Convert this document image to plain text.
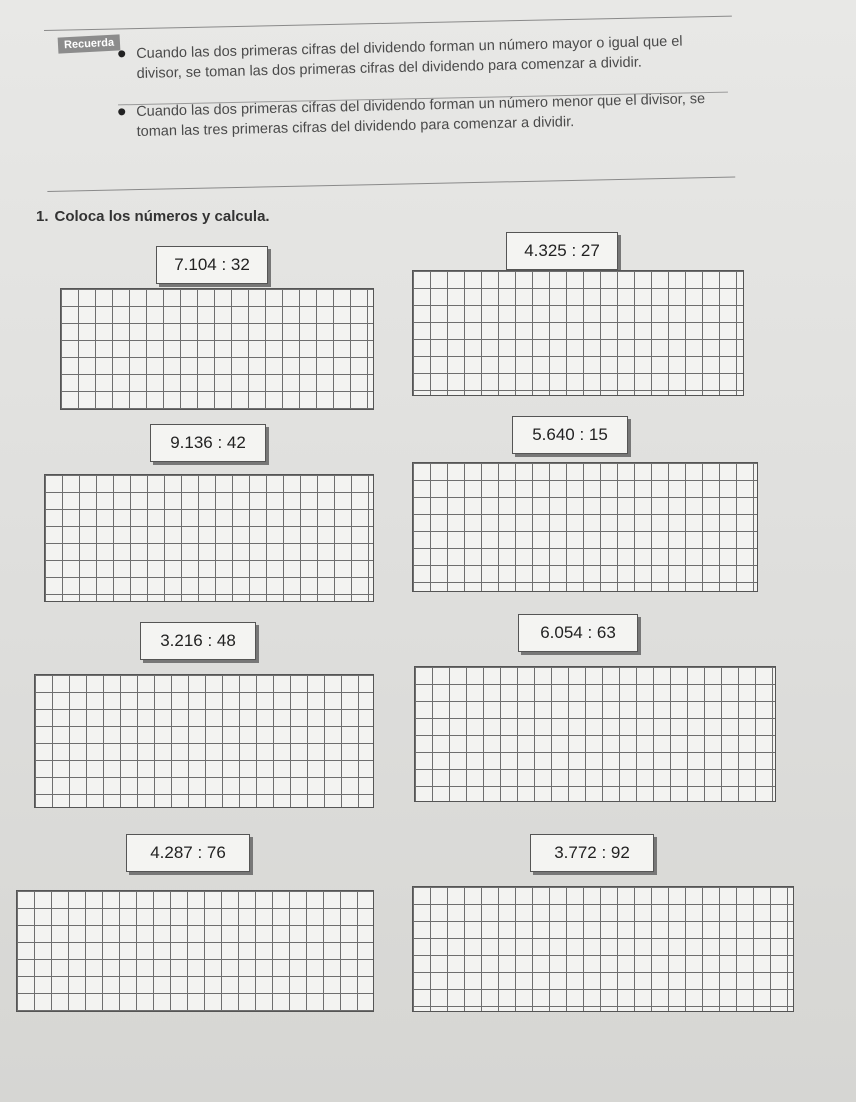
Recuerda	Cuando las dos primeras cifras del dividendo forman un número mayor o igual que el divisor, se toman las dos primeras cifras del dividendo para comenzar a dividir.
Cuando las dos primeras cifras del dividendo forman un número menor que el divisor, se toman las tres primeras cifras del dividendo para comenzar a dividir.
1. Coloca los números y calcula.
7.104 : 32
4.325 : 27
9.136 : 42	5.640 : 15
3.216 : 48	6.054 : 63
4.287 : 76	3.772 : 92
